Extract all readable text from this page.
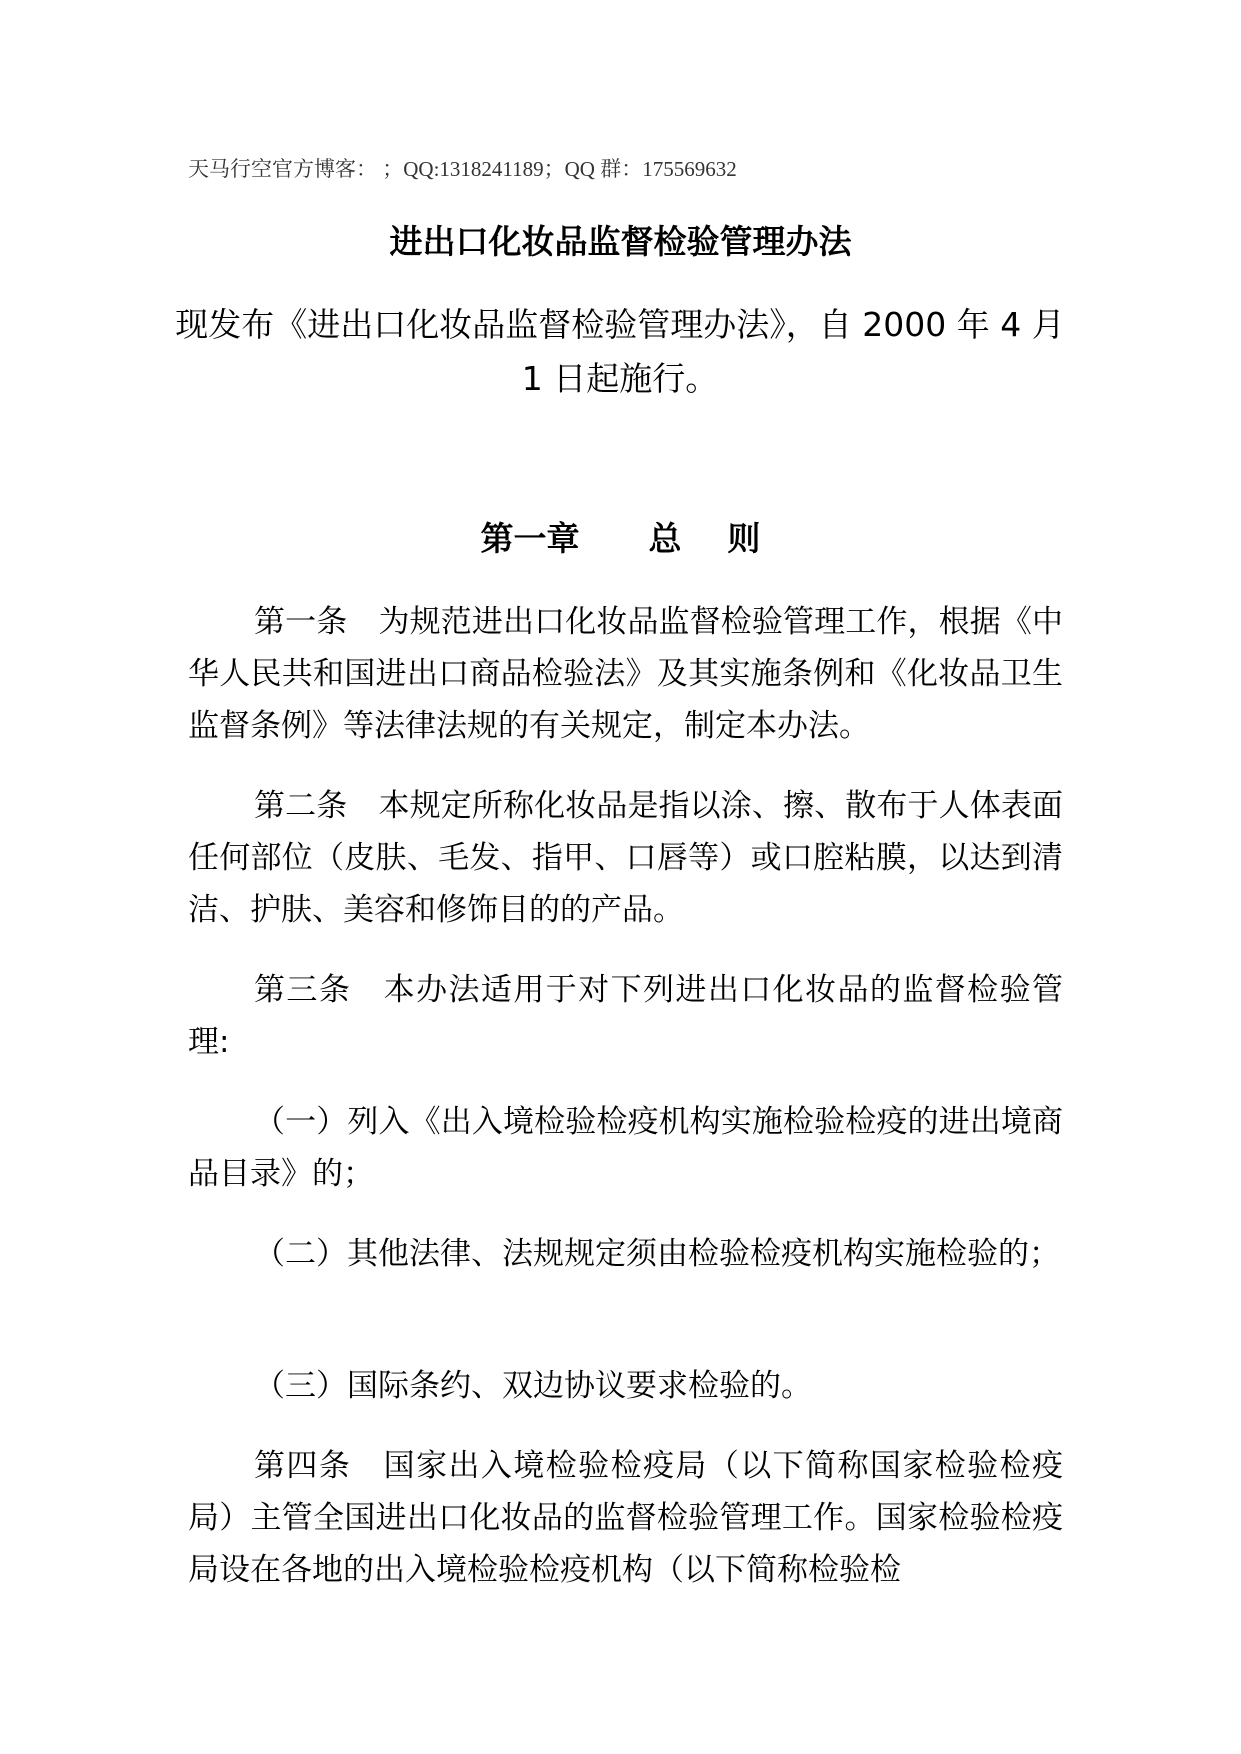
天马行空官方博客： ；QQ:1318241189；QQ 群：175569632
进出口化妆品监督检验管理办法
现发布《进出口化妆品监督检验管理办法》，自 2000 年 4 月 1 日起施行。
第一章      总    则

第一条　为规范进出口化妆品监督检验管理工作，根据《中华人民共和国进出口商品检验法》及其实施条例和《化妆品卫生监督条例》等法律法规的有关规定，制定本办法。

第二条　本规定所称化妆品是指以涂、擦、散布于人体表面任何部位（皮肤、毛发、指甲、口唇等）或口腔粘膜，以达到清洁、护肤、美容和修饰目的的产品。

第三条　本办法适用于对下列进出口化妆品的监督检验管理:

（一）列入《出入境检验检疫机构实施检验检疫的进出境商品目录》的；

（二）其他法律、法规规定须由检验检疫机构实施检验的；

（三）国际条约、双边协议要求检验的。

第四条　国家出入境检验检疫局（以下简称国家检验检疫局）主管全国进出口化妆品的监督检验管理工作。国家检验检疫局设在各地的出入境检验检疫机构（以下简称检验检
